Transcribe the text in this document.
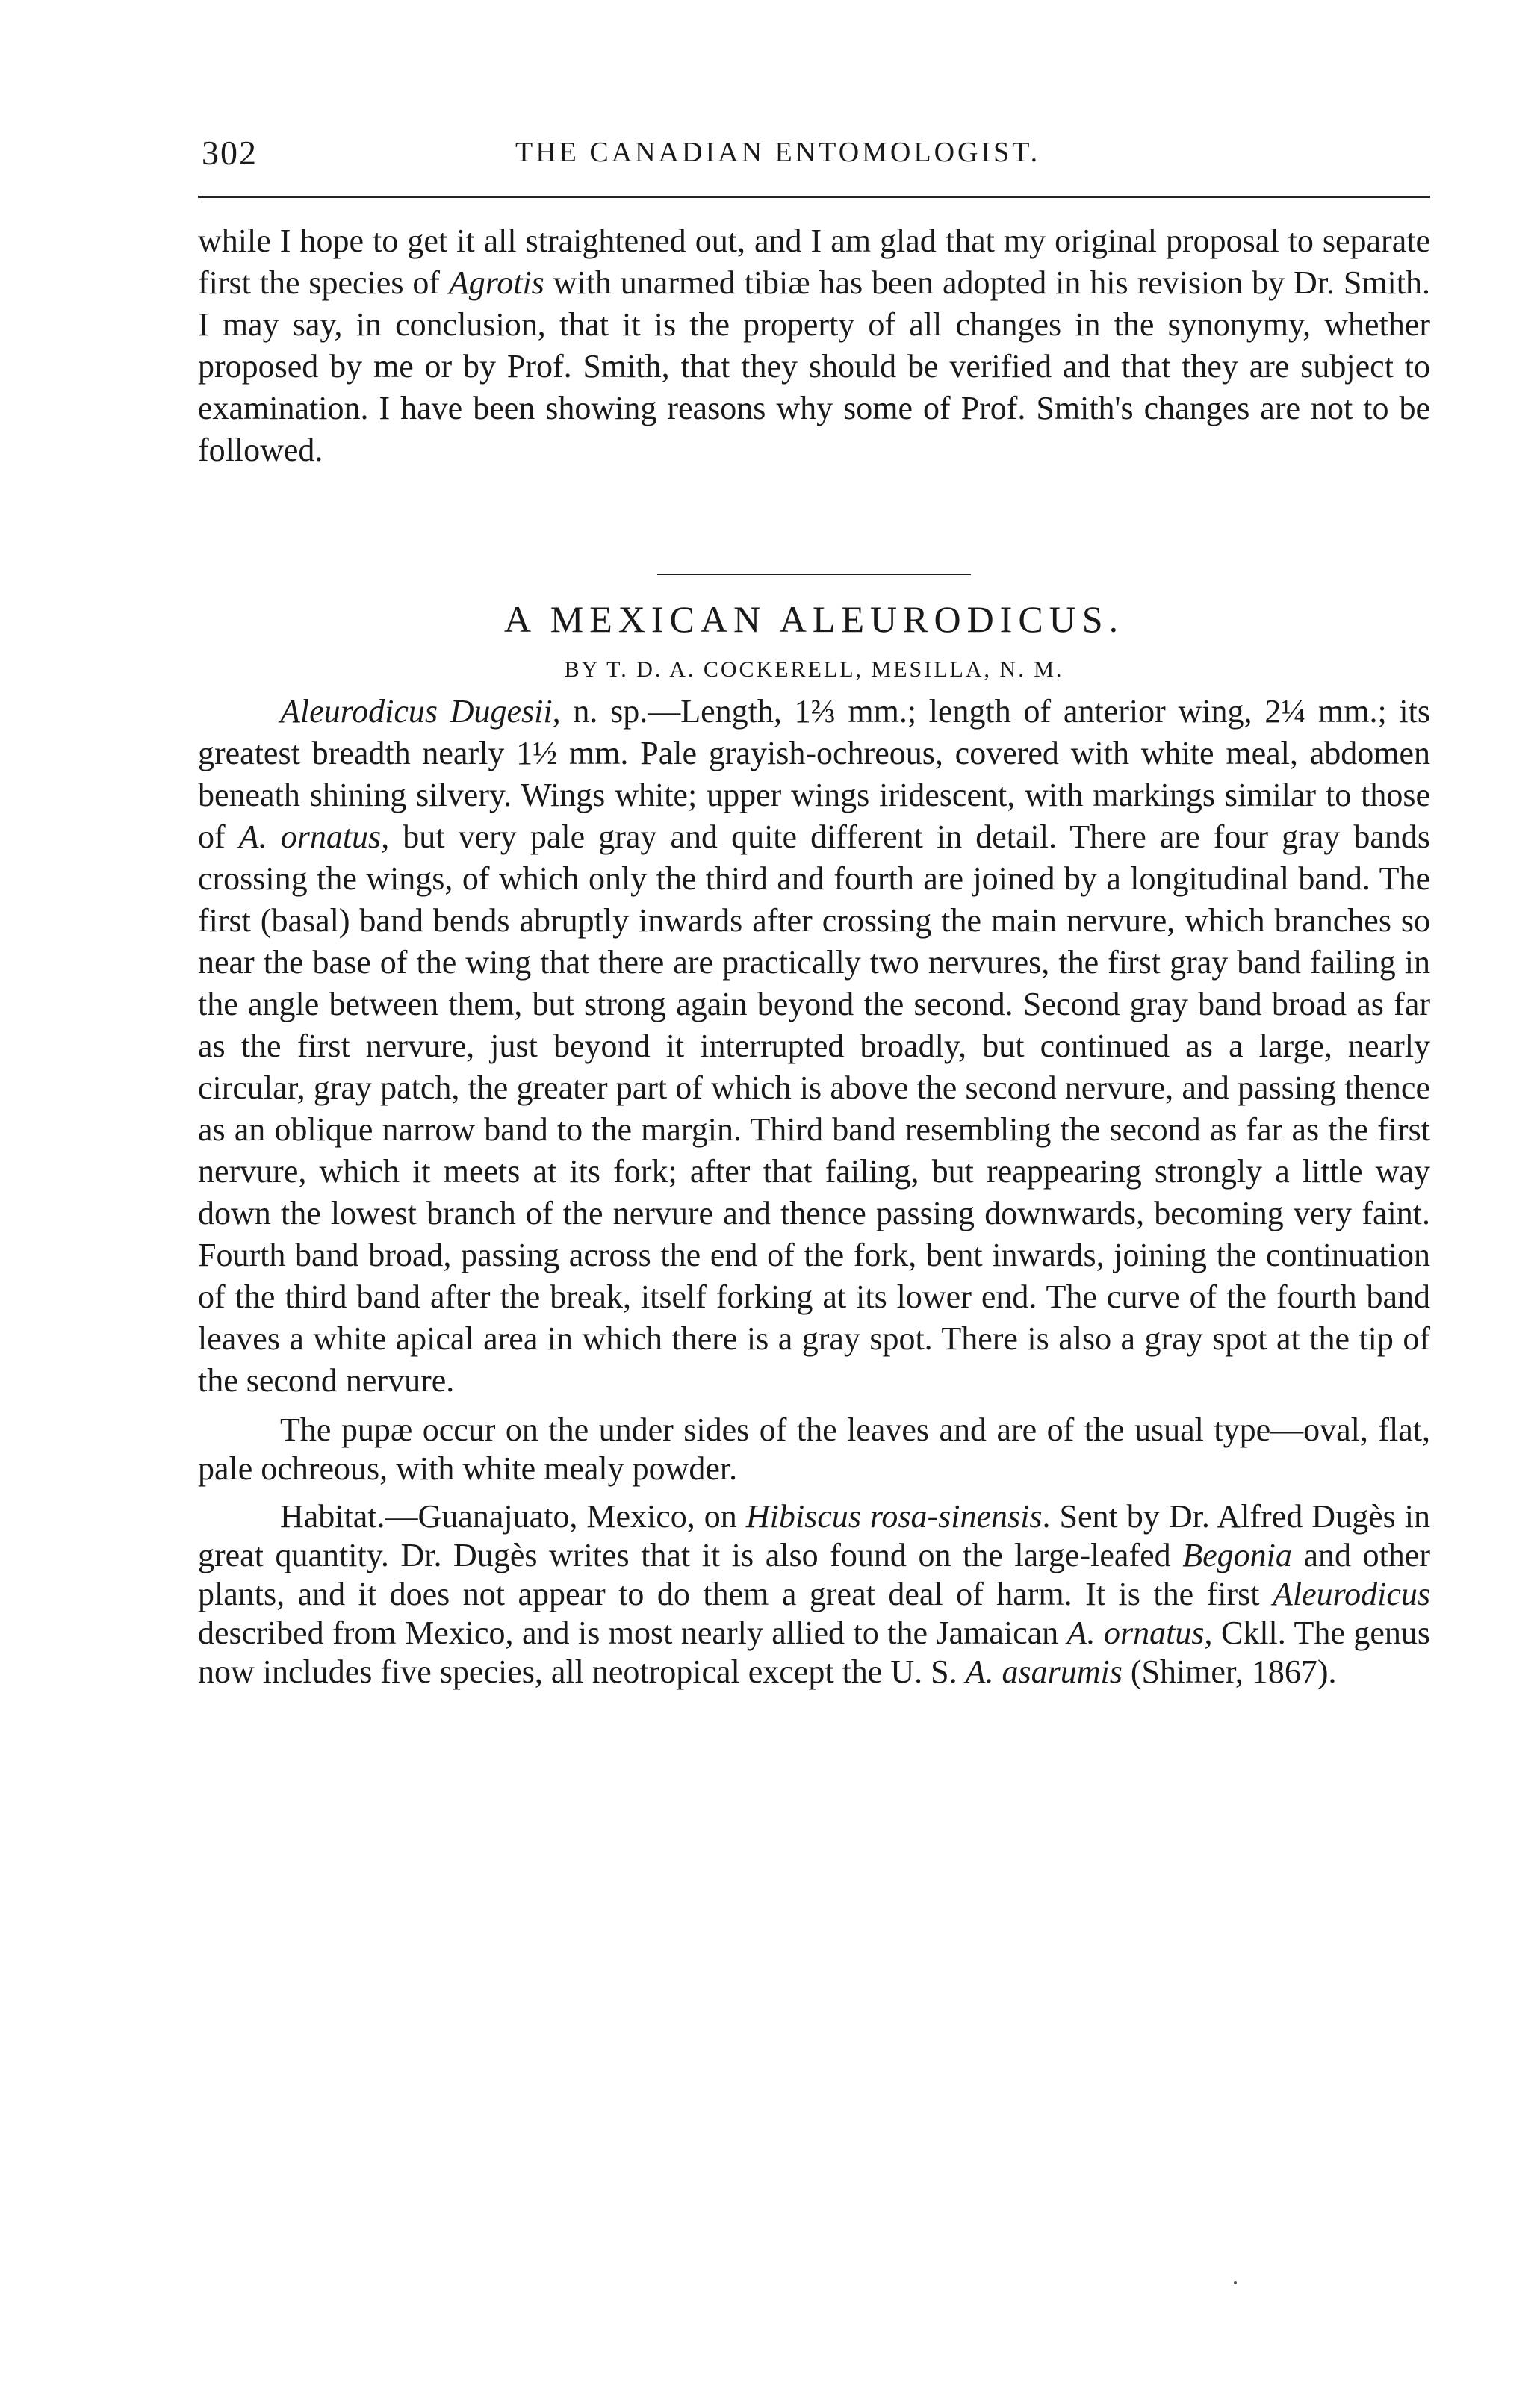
302	THE CANADIAN ENTOMOLOGIST.

while I hope to get it all straightened out, and I am glad that my original proposal to separate first the species of Agrotis with unarmed tibiæ has been adopted in his revision by Dr. Smith. I may say, in conclusion, that it is the property of all changes in the synonymy, whether proposed by me or by Prof. Smith, that they should be verified and that they are subject to examination. I have been showing reasons why some of Prof. Smith's changes are not to be followed.

A MEXICAN ALEURODICUS.
BY T. D. A. COCKERELL, MESILLA, N. M.

Aleurodicus Dugesii, n. sp.—Length, 1⅔ mm.; length of anterior wing, 2¼ mm.; its greatest breadth nearly 1½ mm. Pale grayish-ochreous, covered with white meal, abdomen beneath shining silvery. Wings white; upper wings iridescent, with markings similar to those of A. ornatus, but very pale gray and quite different in detail. There are four gray bands crossing the wings, of which only the third and fourth are joined by a longitudinal band. The first (basal) band bends abruptly inwards after crossing the main nervure, which branches so near the base of the wing that there are practically two nervures, the first gray band failing in the angle between them, but strong again beyond the second. Second gray band broad as far as the first nervure, just beyond it interrupted broadly, but continued as a large, nearly circular, gray patch, the greater part of which is above the second nervure, and passing thence as an oblique narrow band to the margin. Third band resembling the second as far as the first nervure, which it meets at its fork; after that failing, but reappearing strongly a little way down the lowest branch of the nervure and thence passing downwards, becoming very faint. Fourth band broad, passing across the end of the fork, bent inwards, joining the continuation of the third band after the break, itself forking at its lower end. The curve of the fourth band leaves a white apical area in which there is a gray spot. There is also a gray spot at the tip of the second nervure.

The pupæ occur on the under sides of the leaves and are of the usual type—oval, flat, pale ochreous, with white mealy powder.

Habitat.—Guanajuato, Mexico, on Hibiscus rosa-sinensis. Sent by Dr. Alfred Dugès in great quantity. Dr. Dugès writes that it is also found on the large-leafed Begonia and other plants, and it does not appear to do them a great deal of harm. It is the first Aleurodicus described from Mexico, and is most nearly allied to the Jamaican A. ornatus, Ckll. The genus now includes five species, all neotropical except the U. S. A. asarumis (Shimer, 1867).
